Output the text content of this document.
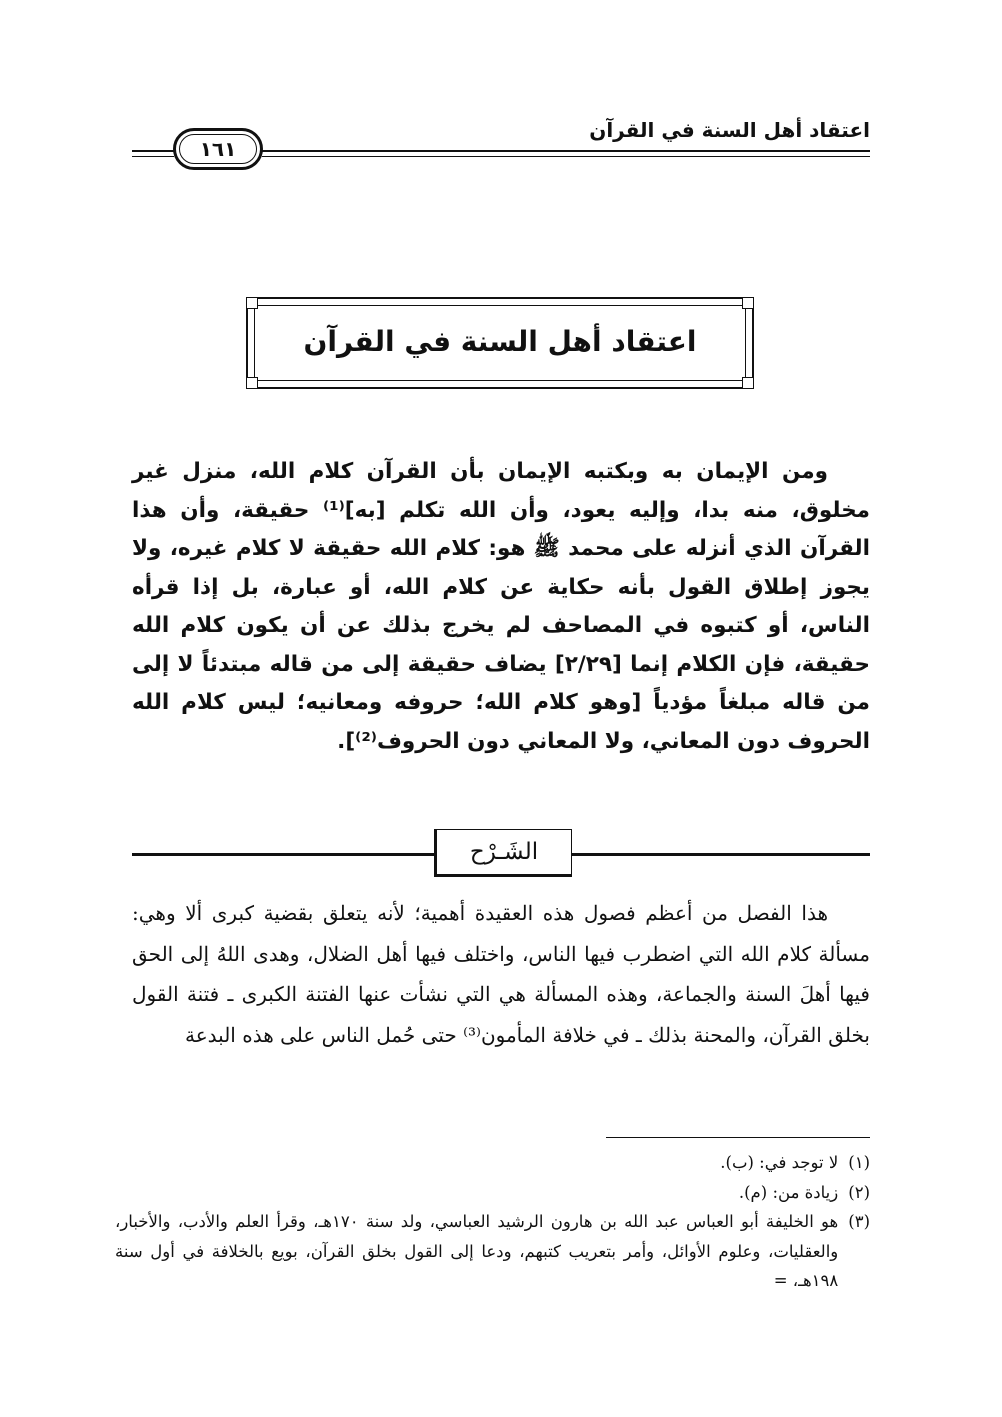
اعتقاد أهل السنة في القرآن
١٦١
اعتقاد أهل السنة في القرآن

ومن الإيمان به وبكتبه الإيمان بأن القرآن كلام الله، منزل غير مخلوق، منه بدا، وإليه يعود، وأن الله تكلم [به]⁽¹⁾ حقيقة، وأن هذا القرآن الذي أنزله على محمد ﷺ هو: كلام الله حقيقة لا كلام غيره، ولا يجوز إطلاق القول بأنه حكاية عن كلام الله، أو عبارة، بل إذا قرأه الناس، أو كتبوه في المصاحف لم يخرج بذلك عن أن يكون كلام الله حقيقة، فإن الكلام إنما [٢/٢٩] يضاف حقيقة إلى من قاله مبتدئاً لا إلى من قاله مبلغاً مؤدياً [وهو كلام الله؛ حروفه ومعانيه؛ ليس كلام الله الحروف دون المعاني، ولا المعاني دون الحروف⁽²⁾].

الشَـرْح

هذا الفصل من أعظم فصول هذه العقيدة أهمية؛ لأنه يتعلق بقضية كبرى ألا وهي: مسألة كلام الله التي اضطرب فيها الناس، واختلف فيها أهل الضلال، وهدى اللهُ إلى الحق فيها أهلَ السنة والجماعة، وهذه المسألة هي التي نشأت عنها الفتنة الكبرى ـ فتنة القول بخلق القرآن، والمحنة بذلك ـ في خلافة المأمون⁽³⁾ حتى حُمل الناس على هذه البدعة

(١)
لا توجد في: (ب).
(٢)
زيادة من: (م).
(٣)
هو الخليفة أبو العباس عبد الله بن هارون الرشيد العباسي، ولد سنة ١٧٠هـ، وقرأ العلم والأدب، والأخبار، والعقليات، وعلوم الأوائل، وأمر بتعريب كتبهم، ودعا إلى القول بخلق القرآن، بويع بالخلافة في أول سنة ١٩٨هـ، =
